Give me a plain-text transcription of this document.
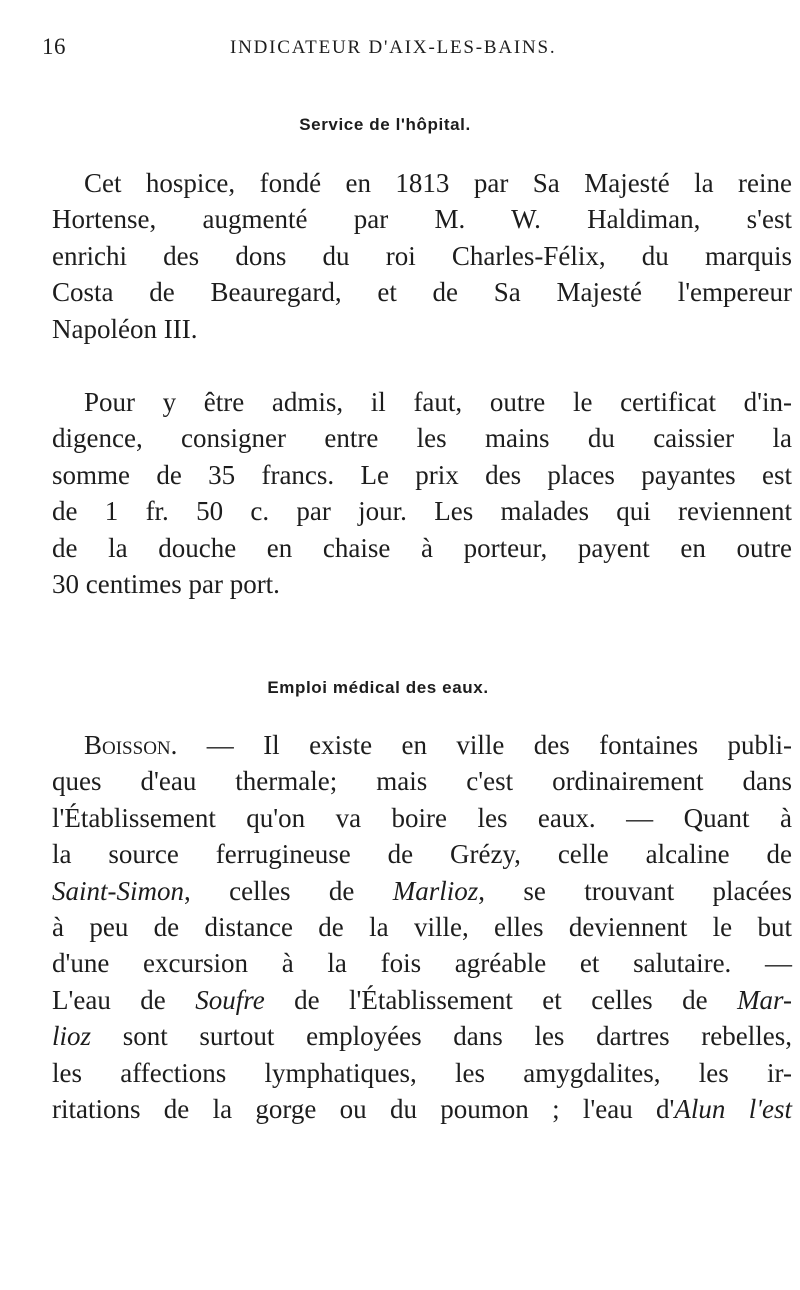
16	INDICATEUR D'AIX-LES-BAINS.
Service de l'hôpital.
Cet hospice, fondé en 1813 par Sa Majesté la reine
Hortense, augmenté par M. W. Haldiman, s'est
enrichi des dons du roi Charles-Félix, du marquis
Costa de Beauregard, et de Sa Majesté l'empereur
Napoléon III.
Pour y être admis, il faut, outre le certificat d'in-
digence, consigner entre les mains du caissier la
somme de 35 francs. Le prix des places payantes est
de 1 fr. 50 c. par jour. Les malades qui reviennent
de la douche en chaise à porteur, payent en outre
30 centimes par port.
Emploi médical des eaux.
Boisson. — Il existe en ville des fontaines publi-
ques d'eau thermale; mais c'est ordinairement dans
l'Établissement qu'on va boire les eaux. — Quant à
la source ferrugineuse de Grézy, celle alcaline de
Saint-Simon, celles de Marlioz, se trouvant placées
à peu de distance de la ville, elles deviennent le but
d'une excursion à la fois agréable et salutaire. —
L'eau de Soufre de l'Établissement et celles de Mar-
lioz sont surtout employées dans les dartres rebelles,
les affections lymphatiques, les amygdalites, les ir-
ritations de la gorge ou du poumon ; l'eau d'Alun l'est
